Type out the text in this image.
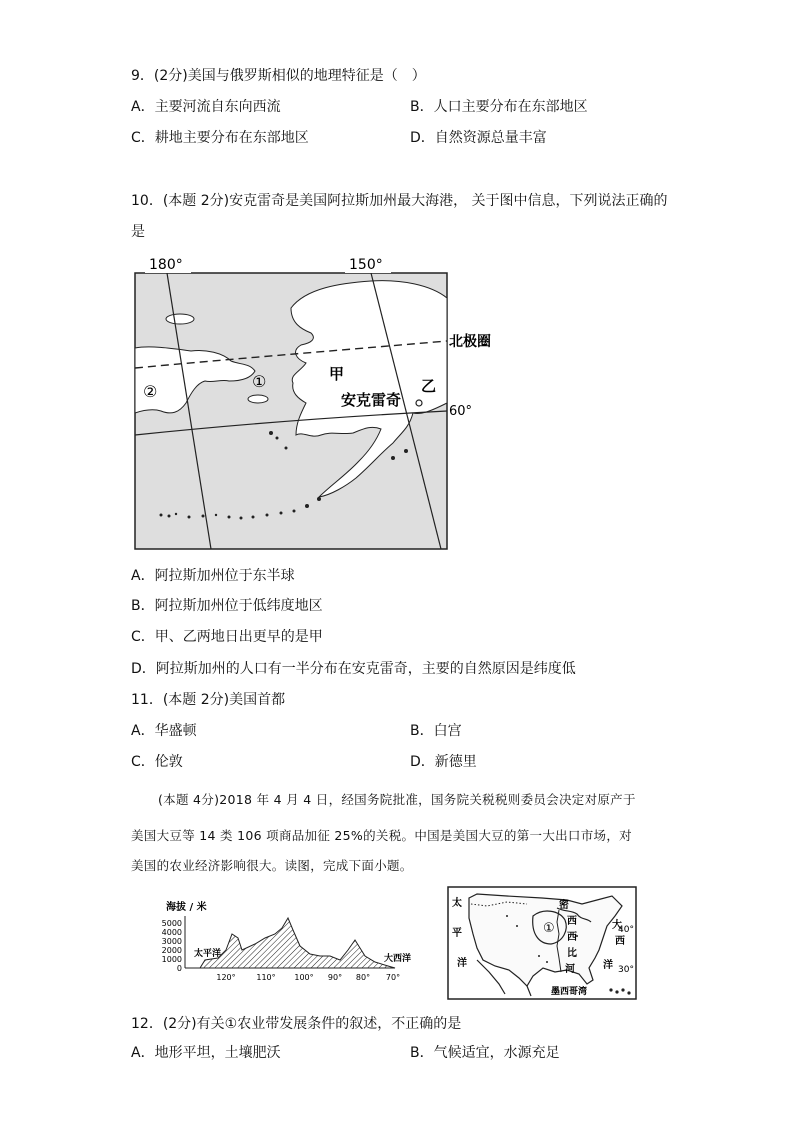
9．(2分)美国与俄罗斯相似的地理特征是（　）
A．主要河流自东向西流	B．人口主要分布在东部地区
C．耕地主要分布在东部地区	D．自然资源总量丰富
10．(本题 2分)安克雷奇是美国阿拉斯加州最大海港， 关于图中信息，下列说法正确的
是
180°	150°
北极圈
60°
①
②
甲
乙
安克雷奇
A．阿拉斯加州位于东半球
B．阿拉斯加州位于低纬度地区
C．甲、乙两地日出更早的是甲
D．阿拉斯加州的人口有一半分布在安克雷奇，主要的自然原因是纬度低
11．(本题 2分)美国首都
A．华盛顿	B．白宫
C．伦敦	D．新德里
(本题 4分)2018 年 4 月 4 日，经国务院批准，国务院关税税则委员会决定对原产于
美国大豆等 14 类 106 项商品加征 25%的关税。中国是美国大豆的第一大出口市场，对
美国的农业经济影响很大。读图，完成下面小题。
海拔 / 米
5000
4000
3000
2000
1000
0
太平洋	大西洋
120°	110° 100° 90° 80° 70°
太
平
洋
大
西
洋
密
西
西
比
河
①	40°
30°
墨西哥湾
12．(2分)有关①农业带发展条件的叙述，不正确的是
A．地形平坦，土壤肥沃	B．气候适宜，水源充足
